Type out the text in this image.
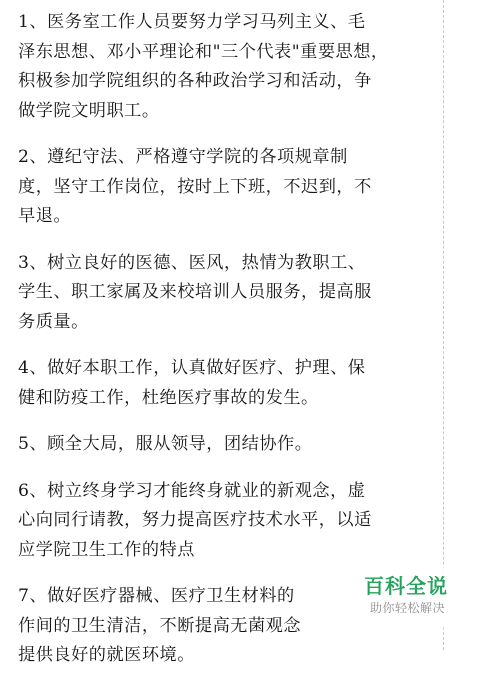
1、医务室工作人员要努力学习马列主义、毛
泽东思想、邓小平理论和"三个代表"重要思想，
积极参加学院组织的各种政治学习和活动，争
做学院文明职工。
2、遵纪守法、严格遵守学院的各项规章制
度，坚守工作岗位，按时上下班，不迟到，不
早退。
3、树立良好的医德、医风，热情为教职工、
学生、职工家属及来校培训人员服务，提高服
务质量。
4、做好本职工作，认真做好医疗、护理、保
健和防疫工作，杜绝医疗事故的发生。
5、顾全大局，服从领导，团结协作。
6、树立终身学习才能终身就业的新观念，虚
心向同行请教，努力提高医疗技术水平，以适
应学院卫生工作的特点
7、做好医疗器械、医疗卫生材料的
作间的卫生清洁，不断提高无菌观念
提供良好的就医环境。
百科全说
助你轻松解决
